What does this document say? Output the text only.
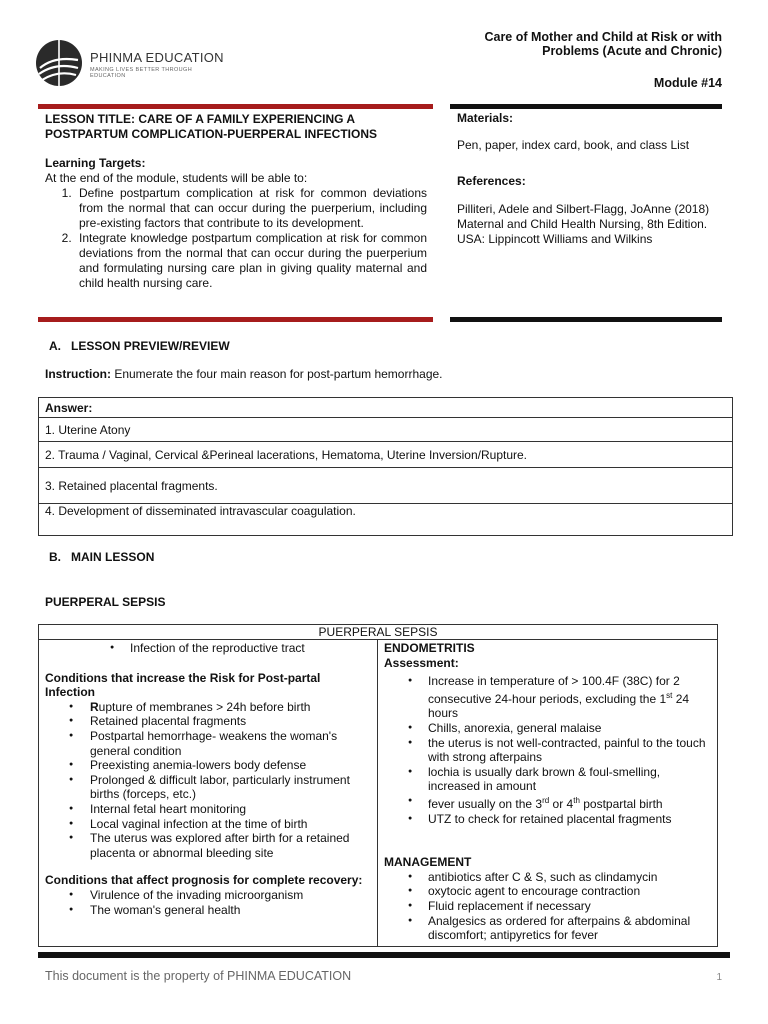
PHINMA EDUCATION
MAKING LIVES BETTER THROUGH EDUCATION
Care of Mother and Child at Risk or with Problems (Acute and Chronic)
Module #14
LESSON TITLE: CARE OF A FAMILY EXPERIENCING A POSTPARTUM COMPLICATION-PUERPERAL INFECTIONS
Learning Targets:
At the end of the module, students will be able to:
1. Define postpartum complication at risk for common deviations from the normal that can occur during the puerperium, including pre-existing factors that contribute to its development.
2. Integrate knowledge postpartum complication at risk for common deviations from the normal that can occur during the puerperium and formulating nursing care plan in giving quality maternal and child health nursing care.
Materials:
Pen, paper, index card, book, and class List
References:
Pilliteri, Adele and Silbert-Flagg, JoAnne (2018) Maternal and Child Health Nursing, 8th Edition. USA: Lippincott Williams and Wilkins
A. LESSON PREVIEW/REVIEW
Instruction: Enumerate the four main reason for post-partum hemorrhage.
Answer:
1. Uterine Atony
2. Trauma / Vaginal, Cervical &Perineal lacerations, Hematoma, Uterine Inversion/Rupture.
3. Retained placental fragments.
4. Development of disseminated intravascular coagulation.
B. MAIN LESSON
PUERPERAL SEPSIS
PUERPERAL SEPSIS
● Infection of the reproductive tract
Conditions that increase the Risk for Post-partal Infection
● Rupture of membranes > 24h before birth
● Retained placental fragments
● Postpartal hemorrhage- weakens the woman's general condition
● Preexisting anemia-lowers body defense
● Prolonged & difficult labor, particularly instrument births (forceps, etc.)
● Internal fetal heart monitoring
● Local vaginal infection at the time of birth
● The uterus was explored after birth for a retained placenta or abnormal bleeding site
Conditions that affect prognosis for complete recovery:
● Virulence of the invading microorganism
● The woman's general health
ENDOMETRITIS
Assessment:
● Increase in temperature of > 100.4F (38C) for 2 consecutive 24-hour periods, excluding the 1st 24 hours
● Chills, anorexia, general malaise
● the uterus is not well-contracted, painful to the touch with strong afterpains
● lochia is usually dark brown & foul-smelling, increased in amount
● fever usually on the 3rd or 4th postpartal birth
● UTZ to check for retained placental fragments
MANAGEMENT
● antibiotics after C & S, such as clindamycin
● oxytocic agent to encourage contraction
● Fluid replacement if necessary
● Analgesics as ordered for afterpains & abdominal discomfort; antipyretics for fever
This document is the property of PHINMA EDUCATION	1
